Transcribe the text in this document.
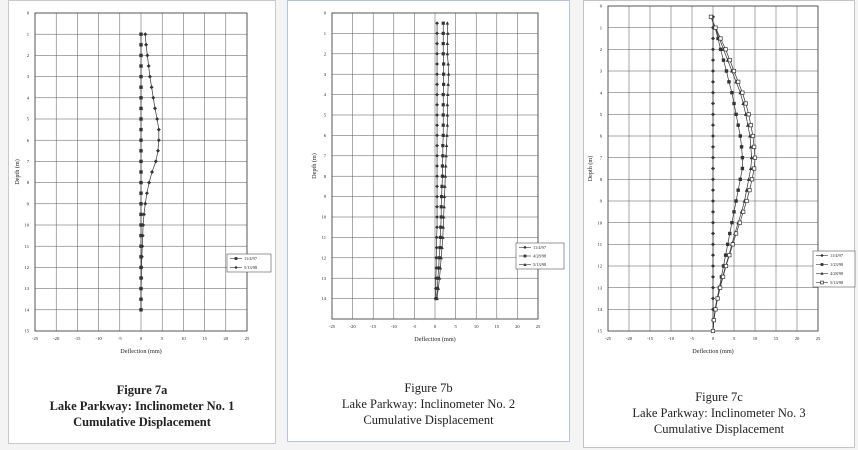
-25	-20	-15	-10	-5	0	5	10	15	20	25
0
1
2
3
4
5
6
7
8
9
10
11
12
13
14
15
Deflection (mm)
Depth (m)
11/4/97
5/13/98
Figure 7a
Lake Parkway: Inclinometer No. 1
Cumulative Displacement
-25	-20	-15	-10	-5	0	5	10	15	20	25
0
1
2
3
4
5
6
7
8
9
10
11
12
13
14
Deflection (mm)
Depth (m)
11/4/97
4/28/98
5/13/98
Figure 7b
Lake Parkway: Inclinometer No. 2
Cumulative Displacement
-25	-20	-15	-10	-5	0	5	10	15	20	25
0
1
2
3
4
5
6
7
8
9
10
11
12
13
14
15
Deflection (mm)
Depth (m)
11/4/97
1/23/98
4/28/98
5/13/98
Figure 7c
Lake Parkway: Inclinometer No. 3
Cumulative Displacement
